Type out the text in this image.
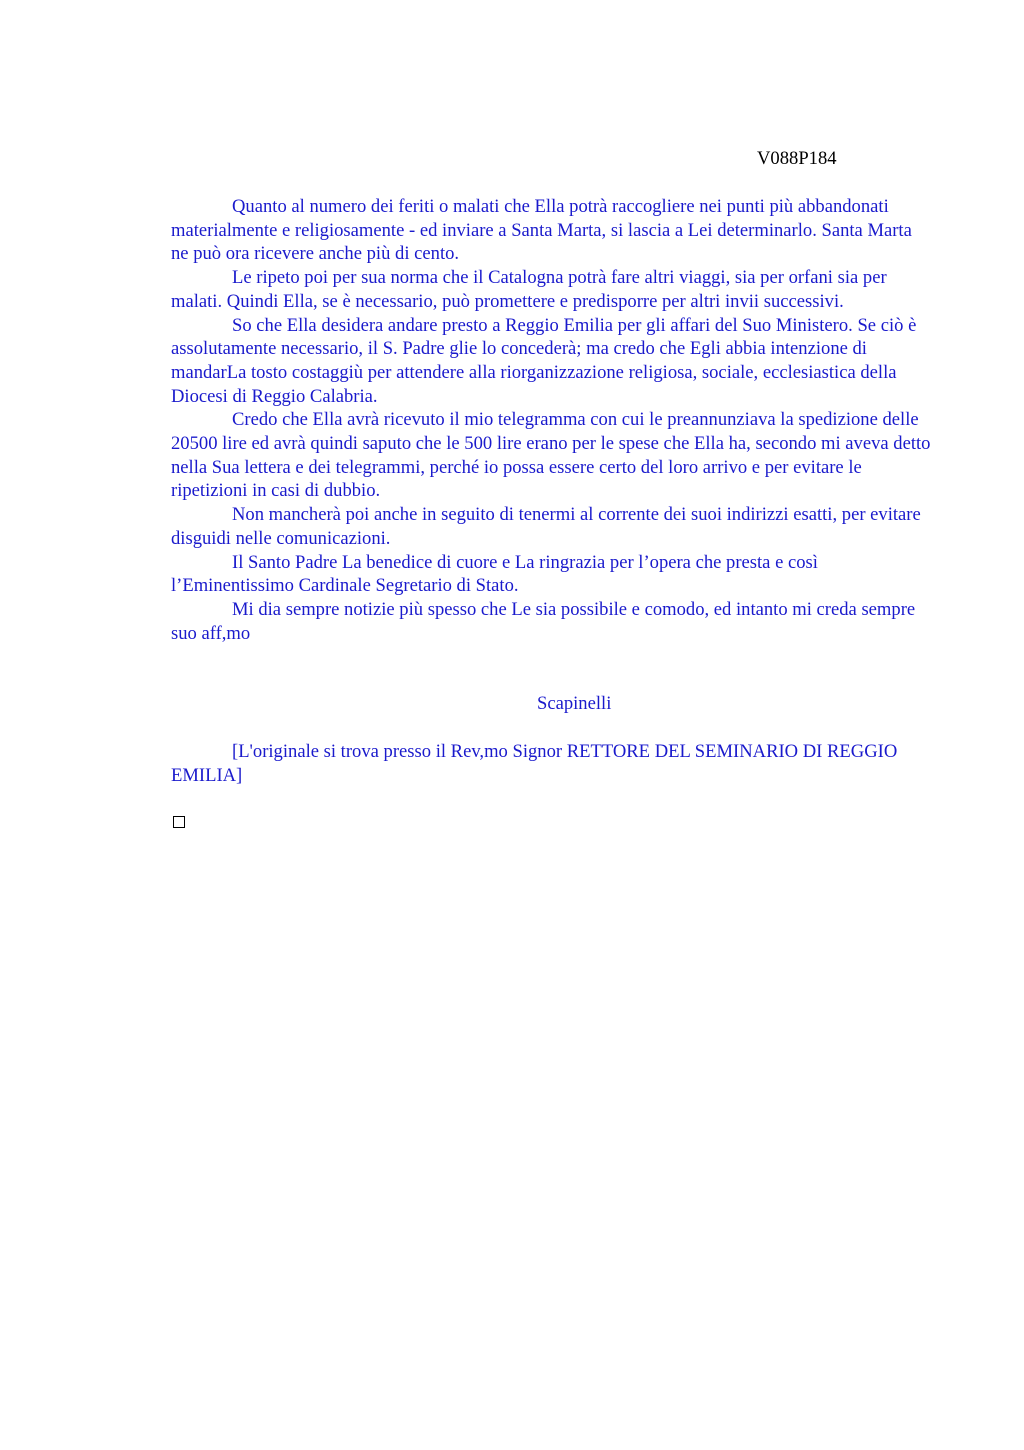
V088P184

Quanto al numero dei feriti o malati che Ella potrà raccogliere nei punti più abbandonati materialmente e religiosamente - ed inviare a Santa Marta, si lascia a Lei determinarlo. Santa Marta ne può ora ricevere anche più di cento.

Le ripeto poi per sua norma che il Catalogna potrà fare altri viaggi, sia per orfani sia per malati. Quindi Ella, se è necessario, può promettere e predisporre per altri invii successivi.

So che Ella desidera andare presto a Reggio Emilia per gli affari del Suo Ministero. Se ciò è assolutamente necessario, il S. Padre glie lo concederà; ma credo che Egli abbia intenzione di mandarLa tosto costaggiù per attendere alla riorganizzazione religiosa, sociale, ecclesiastica della Diocesi di Reggio Calabria.

Credo che Ella avrà ricevuto il mio telegramma con cui le preannunziava la spedizione delle 20500 lire ed avrà quindi saputo che le 500 lire erano per le spese che Ella ha, secondo mi aveva detto nella Sua lettera e dei telegrammi, perché io possa essere certo del loro arrivo e per evitare le ripetizioni in casi di dubbio.

Non mancherà poi anche in seguito di tenermi al corrente dei suoi indirizzi esatti, per evitare disguidi nelle comunicazioni.

Il Santo Padre La benedice di cuore e La ringrazia per l’opera che presta e così l’Eminentissimo Cardinale Segretario di Stato.

Mi dia sempre notizie più spesso che Le sia possibile e comodo, ed intanto mi creda sempre suo aff,mo

Scapinelli

[L'originale si trova presso il Rev,mo Signor RETTORE DEL SEMINARIO DI REGGIO EMILIA]
